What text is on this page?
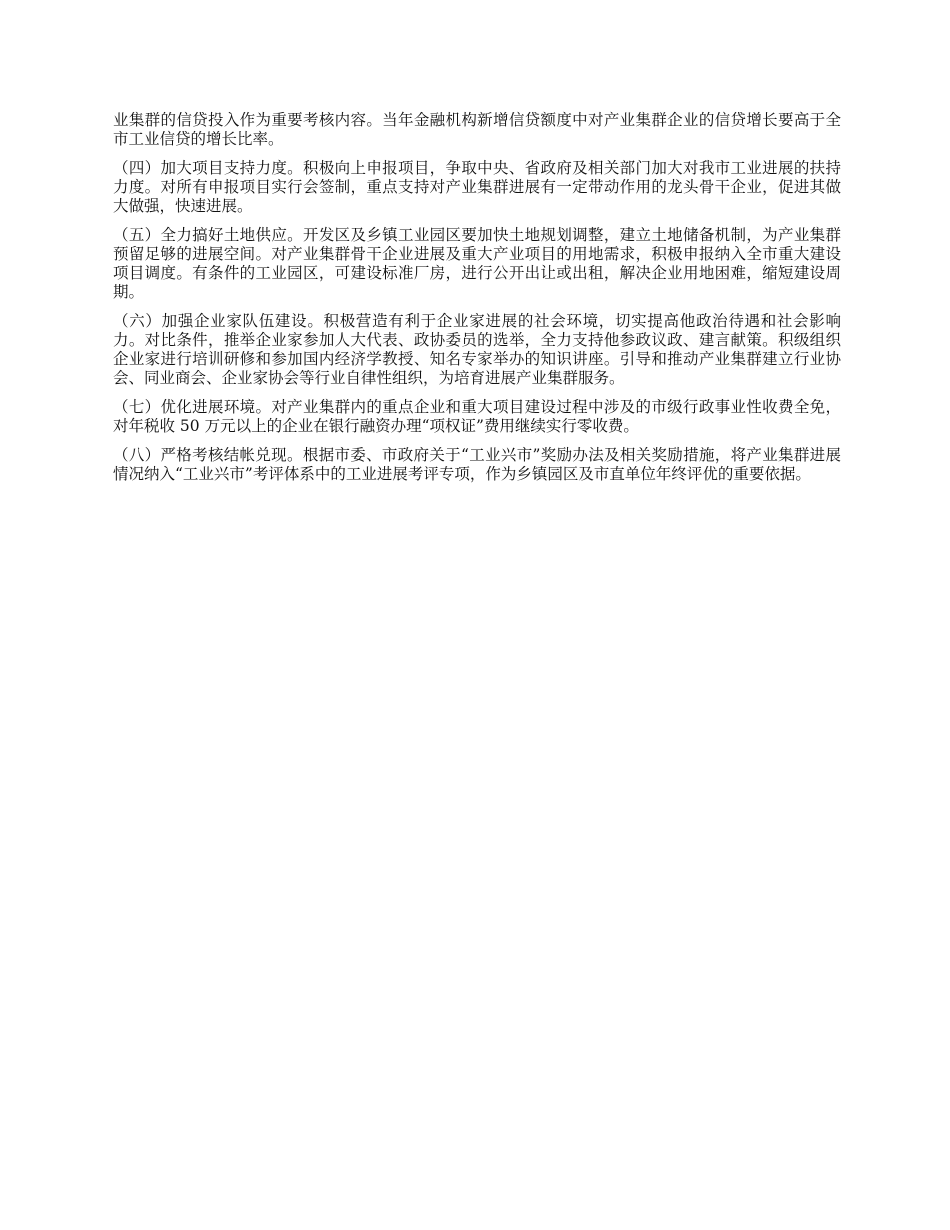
业集群的信贷投入作为重要考核内容。当年金融机构新增信贷额度中对产业集群企业的信贷增长要高于全市工业信贷的增长比率。

（四）加大项目支持力度。积极向上申报项目，争取中央、省政府及相关部门加大对我市工业进展的扶持力度。对所有申报项目实行会签制，重点支持对产业集群进展有一定带动作用的龙头骨干企业，促进其做大做强，快速进展。

（五）全力搞好土地供应。开发区及乡镇工业园区要加快土地规划调整，建立土地储备机制，为产业集群预留足够的进展空间。对产业集群骨干企业进展及重大产业项目的用地需求，积极申报纳入全市重大建设项目调度。有条件的工业园区，可建设标准厂房，进行公开出让或出租，解决企业用地困难，缩短建设周期。

（六）加强企业家队伍建设。积极营造有利于企业家进展的社会环境，切实提高他政治待遇和社会影响力。对比条件，推举企业家参加人大代表、政协委员的选举，全力支持他参政议政、建言献策。积级组织企业家进行培训研修和参加国内经济学教授、知名专家举办的知识讲座。引导和推动产业集群建立行业协会、同业商会、企业家协会等行业自律性组织，为培育进展产业集群服务。

（七）优化进展环境。对产业集群内的重点企业和重大项目建设过程中涉及的市级行政事业性收费全免，对年税收 50 万元以上的企业在银行融资办理“项权证”费用继续实行零收费。

（八）严格考核结帐兑现。根据市委、市政府关于“工业兴市”奖励办法及相关奖励措施，将产业集群进展情况纳入“工业兴市”考评体系中的工业进展考评专项，作为乡镇园区及市直单位年终评优的重要依据。
